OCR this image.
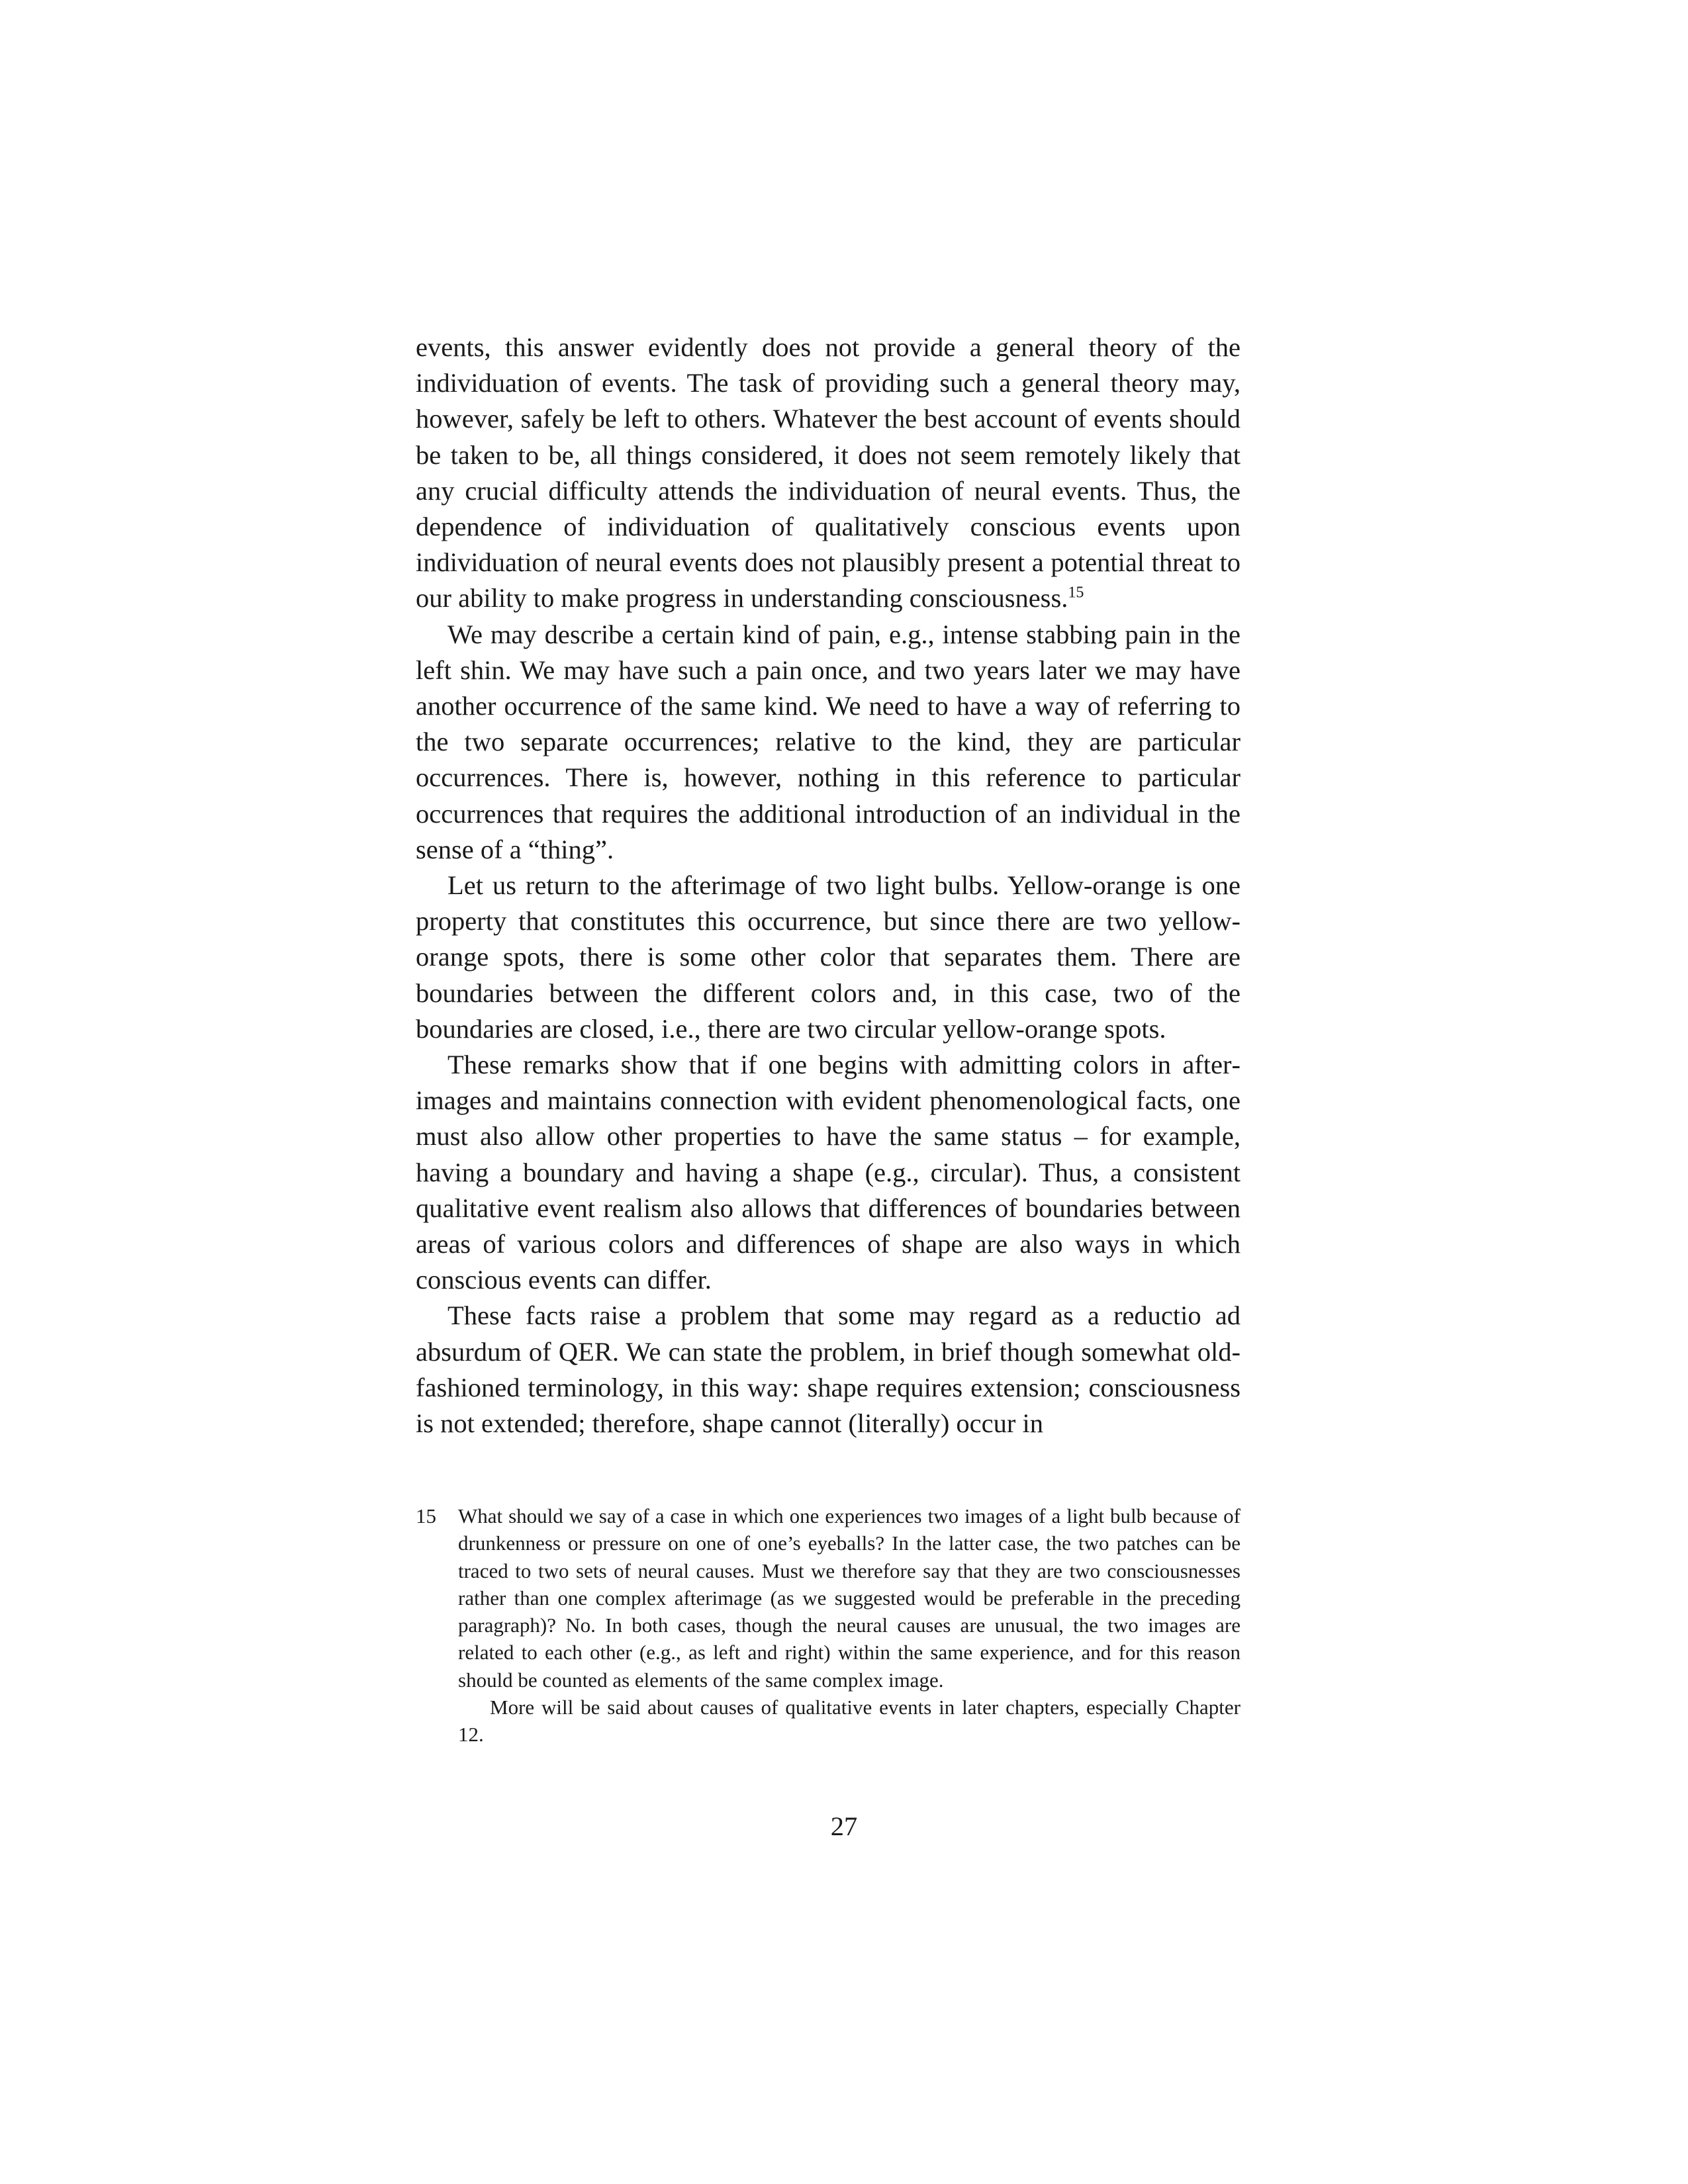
events, this answer evidently does not provide a general theory of the individuation of events. The task of providing such a general theory may, however, safely be left to others. Whatever the best account of events should be taken to be, all things considered, it does not seem remotely likely that any crucial difficulty attends the individuation of neural events. Thus, the dependence of individuation of qualitatively conscious events upon individuation of neural events does not plausibly present a potential threat to our ability to make progress in understanding consciousness.$^{15}$

We may describe a certain kind of pain, e.g., intense stabbing pain in the left shin. We may have such a pain once, and two years later we may have another occurrence of the same kind. We need to have a way of referring to the two separate occurrences; relative to the kind, they are particular occurrences. There is, however, nothing in this reference to particular occurrences that requires the additional introduction of an individual in the sense of a “thing”.

Let us return to the afterimage of two light bulbs. Yellow-orange is one property that constitutes this occurrence, but since there are two yellow-orange spots, there is some other color that separates them. There are boundaries between the different colors and, in this case, two of the boundaries are closed, i.e., there are two circular yellow-orange spots.

These remarks show that if one begins with admitting colors in afterimages and maintains connection with evident phenomenological facts, one must also allow other properties to have the same status – for example, having a boundary and having a shape (e.g., circular). Thus, a consistent qualitative event realism also allows that differences of boundaries between areas of various colors and differences of shape are also ways in which conscious events can differ.

These facts raise a problem that some may regard as a reductio ad absurdum of QER. We can state the problem, in brief though somewhat old-fashioned terminology, in this way: shape requires extension; consciousness is not extended; therefore, shape cannot (literally) occur in

15 What should we say of a case in which one experiences two images of a light bulb because of drunkenness or pressure on one of one’s eyeballs? In the latter case, the two patches can be traced to two sets of neural causes. Must we therefore say that they are two consciousnesses rather than one complex afterimage (as we suggested would be preferable in the preceding paragraph)? No. In both cases, though the neural causes are unusual, the two images are related to each other (e.g., as left and right) within the same experience, and for this reason should be counted as elements of the same complex image.

More will be said about causes of qualitative events in later chapters, especially Chapter 12.

27
